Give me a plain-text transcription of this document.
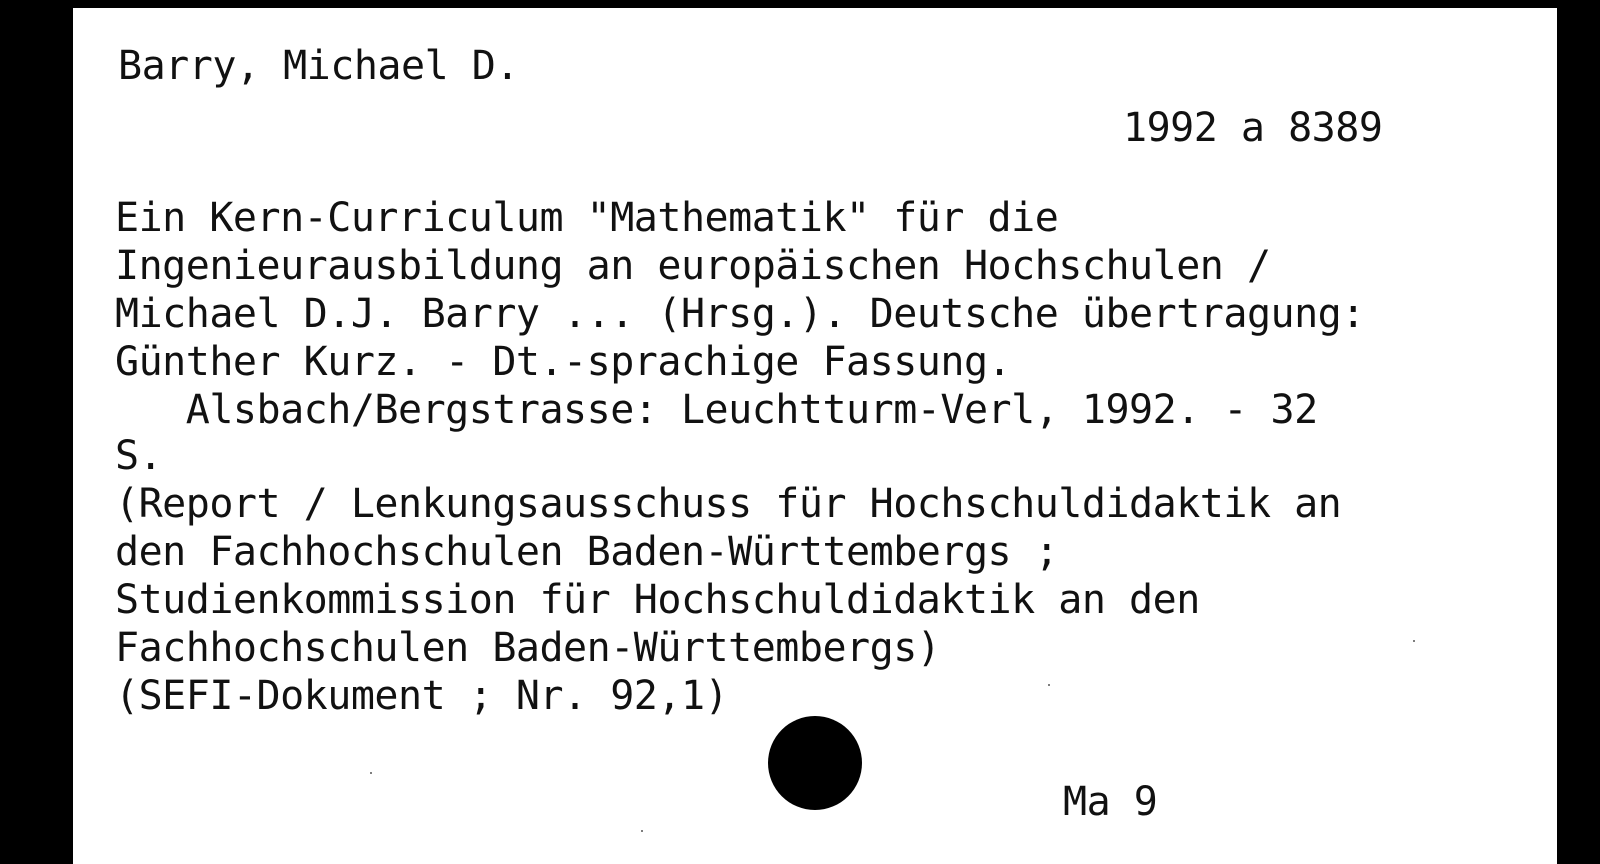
Barry, Michael D.

1992 a 8389

Ein Kern-Curriculum "Mathematik" für die

Ingenieurausbildung an europäischen Hochschulen /

Michael D.J. Barry ... (Hrsg.). Deutsche übertragung:

Günther Kurz. - Dt.-sprachige Fassung.

Alsbach/Bergstrasse: Leuchtturm-Verl, 1992. - 32

S.

(Report / Lenkungsausschuss für Hochschuldidaktik an

den Fachhochschulen Baden-Württembergs ;

Studienkommission für Hochschuldidaktik an den

Fachhochschulen Baden-Württembergs)

(SEFI-Dokument ; Nr. 92,1)

Ma 9
